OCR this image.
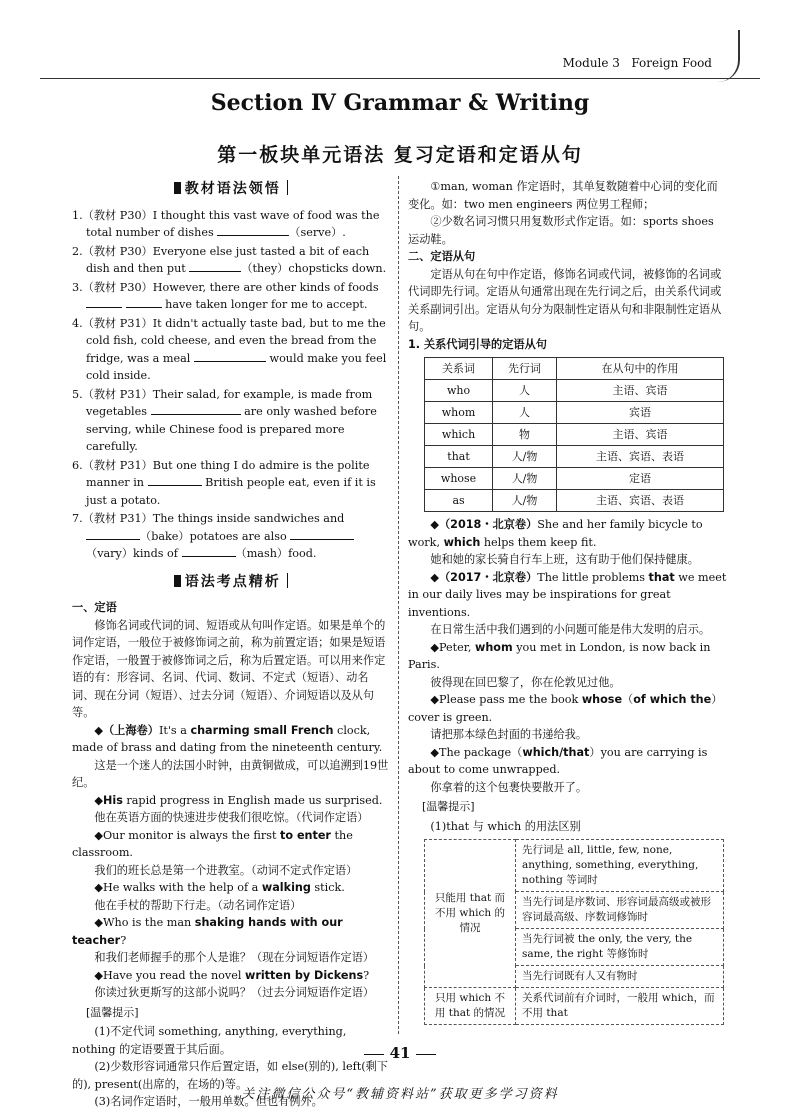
Module 3 Foreign Food
Section Ⅳ Grammar & Writing
第一板块单元语法 复习定语和定语从句
教材语法领悟
1.（教材 P30）I thought this vast wave of food was the total number of dishes	（serve）.
2.（教材 P30）Everyone else just tasted a bit of each dish and then put	（they）chopsticks down.
3.（教材 P30）However, there are other kinds of foods   have taken longer for me to accept.
4.（教材 P31）It didn't actually taste bad, but to me the cold fish, cold cheese, and even the bread from the fridge, was a meal	would make you feel cold inside.
5.（教材 P31）Their salad, for example, is made from vegetables	are only washed before serving, while Chinese food is prepared more carefully.
6.（教材 P31）But one thing I do admire is the polite manner in	British people eat, even if it is just a potato.
7.（教材 P31）The things inside sandwiches and （bake）potatoes are also （vary）kinds of	（mash）food.
语法考点精析

一、定语

修饰名词或代词的词、短语或从句叫作定语。如果是单个的词作定语，一般位于被修饰词之前，称为前置定语；如果是短语作定语，一般置于被修饰词之后，称为后置定语。可以用来作定语的有：形容词、名词、代词、数词、不定式（短语）、动名词、现在分词（短语）、过去分词（短语）、介词短语以及从句等。

◆（上海卷）It's a charming small French clock, made of brass and dating from the nineteenth century.

这是一个迷人的法国小时钟，由黄铜做成，可以追溯到19世纪。

◆His rapid progress in English made us surprised.

他在英语方面的快速进步使我们很吃惊。（代词作定语）

◆Our monitor is always the first to enter the classroom.

我们的班长总是第一个进教室。（动词不定式作定语）

◆He walks with the help of a walking stick.

他在手杖的帮助下行走。（动名词作定语）

◆Who is the man shaking hands with our teacher?

和我们老师握手的那个人是谁？（现在分词短语作定语）

◆Have you read the novel written by Dickens?

你读过狄更斯写的这部小说吗？（过去分词短语作定语）

[温馨提示]

(1)不定代词 something, anything, everything, nothing 的定语要置于其后面。

(2)少数形容词通常只作后置定语，如 else(别的), left(剩下的), present(出席的，在场的)等。

(3)名词作定语时，一般用单数。但也有例外。

①man, woman 作定语时，其单复数随着中心词的变化而变化。如：two men engineers 两位男工程师；

②少数名词习惯只用复数形式作定语。如：sports shoes 运动鞋。

二、定语从句

定语从句在句中作定语，修饰名词或代词，被修饰的名词或代词即先行词。定语从句通常出现在先行词之后，由关系代词或关系副词引出。定语从句分为限制性定语从句和非限制性定语从句。

1. 关系代词引导的定语从句

关系词	先行词	在从句中的作用
who	人	主语、宾语
whom	人	宾语
which	物	主语、宾语
that	人/物	主语、宾语、表语
whose	人/物	定语
as	人/物	主语、宾语、表语

◆（2018・北京卷）She and her family bicycle to work, which helps them keep fit.

她和她的家长骑自行车上班，这有助于他们保持健康。

◆（2017・北京卷）The little problems that we meet in our daily lives may be inspirations for great inventions.

在日常生活中我们遇到的小问题可能是伟大发明的启示。

◆Peter, whom you met in London, is now back in Paris.

彼得现在回巴黎了，你在伦敦见过他。

◆Please pass me the book whose（of which the）cover is green.

请把那本绿色封面的书递给我。

◆The package（which/that）you are carrying is about to come unwrapped.

你拿着的这个包裹快要散开了。

[温馨提示]

(1)that 与 which 的用法区别

只能用 that 而不用 which 的情况	先行词是 all, little, few, none, anything, something, everything, nothing 等词时
	当先行词是序数词、形容词最高级或被形容词最高级、序数词修饰时
	当先行词被 the only, the very, the same, the right 等修饰时
	当先行词既有人又有物时
只用 which 不用 that 的情况	关系代词前有介词时，一般用 which，而不用 that
41
关注微信公众号“教辅资料站”获取更多学习资料
